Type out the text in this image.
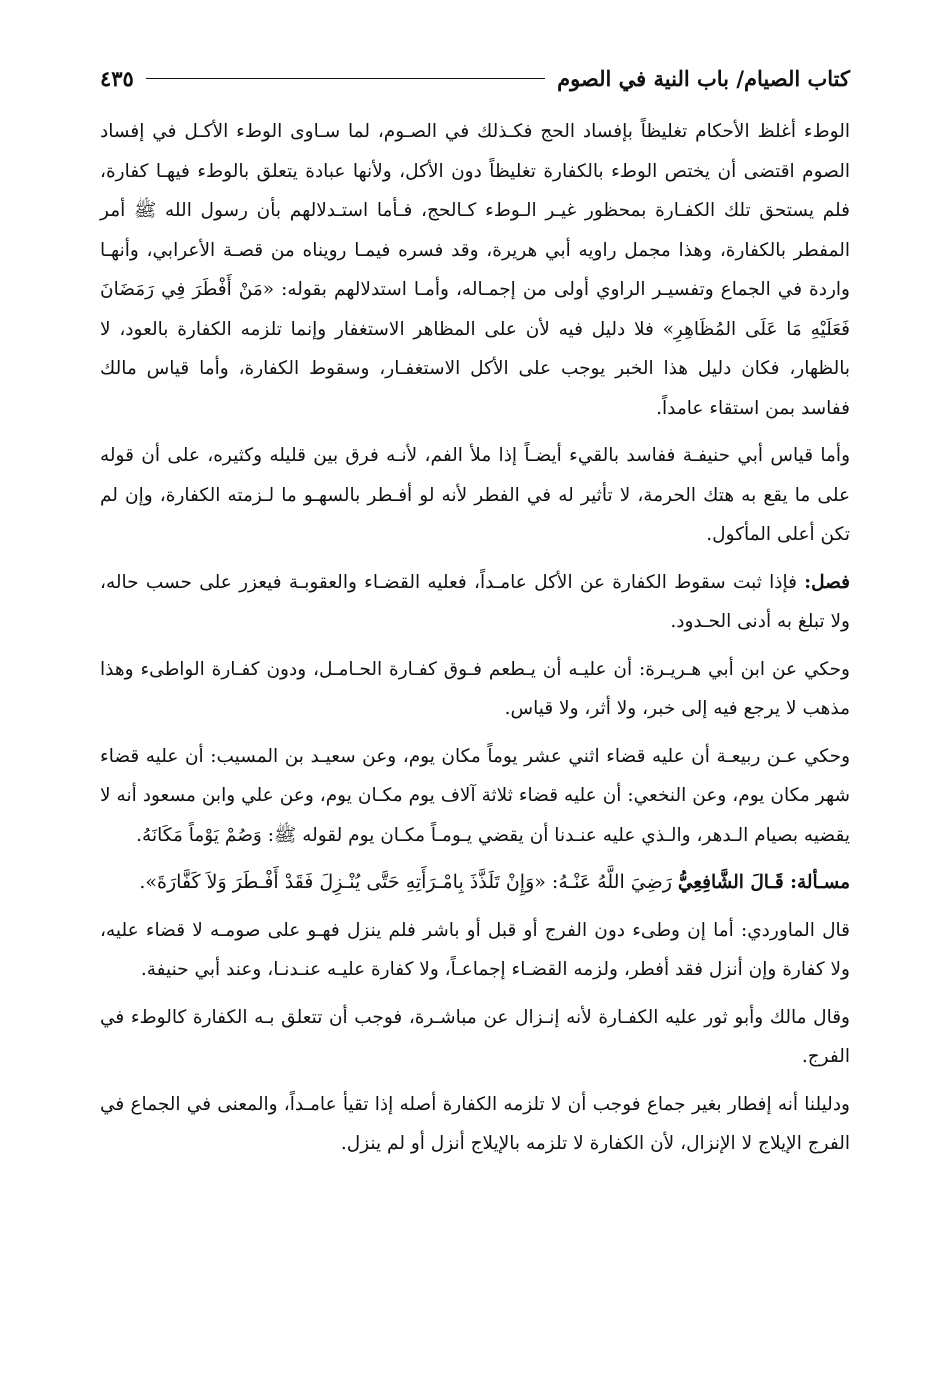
كتاب الصيام/ باب النية في الصوم
٤٣٥

الوطء أغلظ الأحكام تغليظاً بإفساد الحج فكـذلك في الصـوم، لما سـاوى الوطء الأكـل في إفساد الصوم اقتضى أن يختص الوطء بالكفارة تغليظاً دون الأكل، ولأنها عبادة يتعلق بالوطء فيهـا كفارة، فلم يستحق تلك الكفـارة بمحظور غيـر الـوطء كـالحج، فـأما استـدلالهم بأن رسول الله ﷺ أمر المفطر بالكفارة، وهذا مجمل راويه أبي هريرة، وقد فسره فيمـا رويناه من قصـة الأعرابي، وأنهـا واردة في الجماع وتفسيـر الراوي أولى من إجمـاله، وأمـا استدلالهم بقوله: «مَنْ أَفْطَرَ فِي رَمَضَانَ فَعَلَيْهِ مَا عَلَى المُظَاهِرِ» فلا دليل فيه لأن على المظاهر الاستغفار وإنما تلزمه الكفارة بالعود، لا بالظهار، فكان دليل هذا الخبر يوجب على الأكل الاستغفـار، وسقوط الكفارة، وأما قياس مالك ففاسد بمن استقاء عامداً.

وأما قياس أبي حنيفـة ففاسد بالقيء أيضـاً إذا ملأ الفم، لأنـه فرق بين قليله وكثيره، على أن قوله على ما يقع به هتك الحرمة، لا تأثير له في الفطر لأنه لو أفـطر بالسهـو ما لـزمته الكفارة، وإن لم تكن أعلى المأكول.

فصل: فإذا ثبت سقوط الكفارة عن الأكل عامـداً، فعليه القضـاء والعقوبـة فيعزر على حسب حاله، ولا تبلغ به أدنى الحـدود.

وحكي عن ابن أبي هـريـرة: أن عليـه أن يـطعم فـوق كفـارة الحـامـل، ودون كفـارة الواطىء وهذا مذهب لا يرجع فيه إلى خبر، ولا أثر، ولا قياس.

وحكي عـن ربيعـة أن عليه قضاء اثني عشر يوماً مكان يوم، وعن سعيـد بن المسيب: أن عليه قضاء شهر مكان يوم، وعن النخعي: أن عليه قضاء ثلاثة آلاف يوم مكـان يوم، وعن علي وابن مسعود أنه لا يقضيه بصيام الـدهر، والـذي عليه عنـدنا أن يقضي يـومـاً مكـان يوم لقوله ﷺ: وَصُمْ يَوْماً مَكَانَهُ.

مسـألة: قَـالَ الشَّافِعِيُّ رَضِيَ اللَّهُ عَنْـهُ: «وَإِنْ تَلَذَّذَ بِامْـرَأَتِهِ حَتَّى يُنْـزِلَ فَقَدْ أَفْـطَرَ وَلاَ كَفَّارَةَ».

قال الماوردي: أما إن وطىء دون الفرج أو قبل أو باشر فلم ينزل فهـو على صومـه لا قضاء عليه، ولا كفارة وإن أنزل فقد أفطر، ولزمه القضـاء إجماعـاً، ولا كفارة عليـه عنـدنـا، وعند أبي حنيفة.

وقال مالك وأبو ثور عليه الكفـارة لأنه إنـزال عن مباشـرة، فوجب أن تتعلق بـه الكفارة كالوطء في الفرج.

ودليلنا أنه إفطار بغير جماع فوجب أن لا تلزمه الكفارة أصله إذا تقيأ عامـداً، والمعنى في الجماع في الفرج الإيلاج لا الإنزال، لأن الكفارة لا تلزمه بالإيلاج أنزل أو لم ينزل.
